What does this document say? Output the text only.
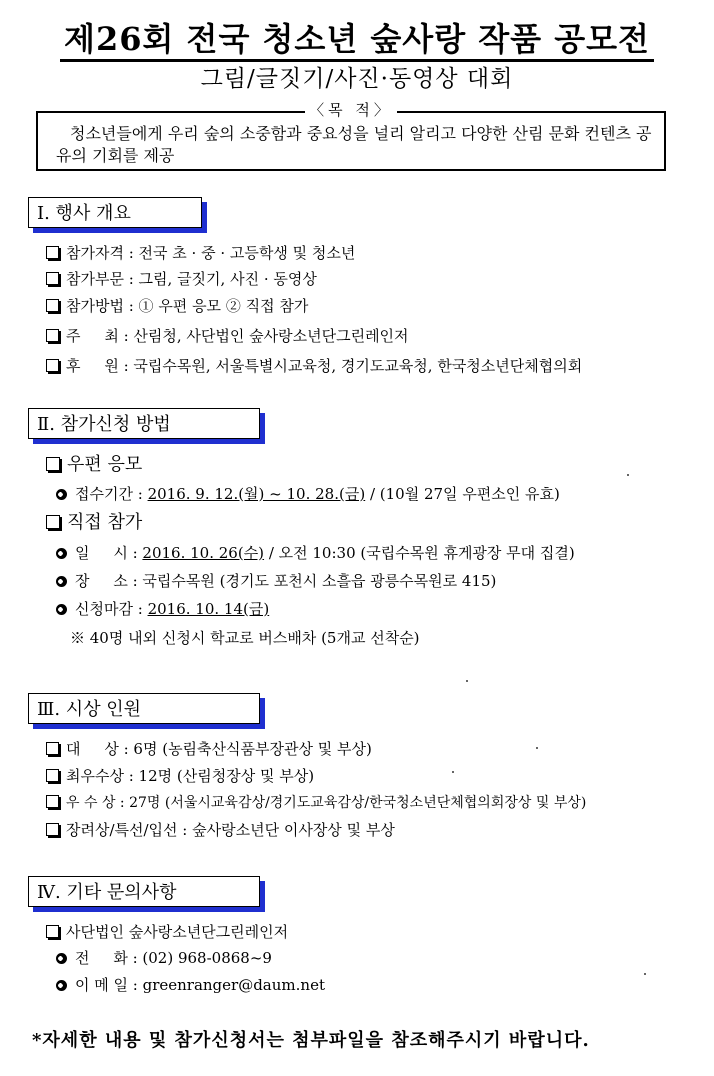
제26회 전국 청소년 숲사랑 작품 공모전
그림/글짓기/사진·동영상 대회
〈목 적〉
청소년들에게 우리 숲의 소중함과 중요성을 널리 알리고 다양한 산림 문화 컨텐츠 공유의 기회를 제공
Ⅰ. 행사 개요
참가자격 : 전국 초 · 중 · 고등학생 및 청소년
참가부문 : 그림, 글짓기, 사진 · 동영상
참가방법 : ① 우편 응모 ② 직접 참가
주     최 : 산림청, 사단법인 숲사랑소년단그린레인저
후     원 : 국립수목원, 서울특별시교육청, 경기도교육청, 한국청소년단체협의회
Ⅱ. 참가신청 방법
우편 응모
접수기간 : 2016. 9. 12.(월) ~ 10. 28.(금) / (10월 27일 우편소인 유효)
직접 참가
일     시 : 2016. 10. 26(수) / 오전 10:30 (국립수목원 휴게광장 무대 집결)
장     소 : 국립수목원 (경기도 포천시 소흘읍 광릉수목원로 415)
신청마감 : 2016. 10. 14(금)
※ 40명 내외 신청시 학교로 버스배차 (5개교 선착순)
Ⅲ. 시상 인원
대     상 : 6명 (농림축산식품부장관상 및 부상)
최우수상 : 12명 (산림청장상 및 부상)
우 수 상 : 27명 (서울시교육감상/경기도교육감상/한국청소년단체협의회장상 및 부상)
장려상/특선/입선 : 숲사랑소년단 이사장상 및 부상
Ⅳ. 기타 문의사항
사단법인 숲사랑소년단그린레인저
전     화 : (02) 968-0868~9
이 메 일 : greenranger@daum.net
*자세한 내용 및 참가신청서는 첨부파일을 참조해주시기 바랍니다.
